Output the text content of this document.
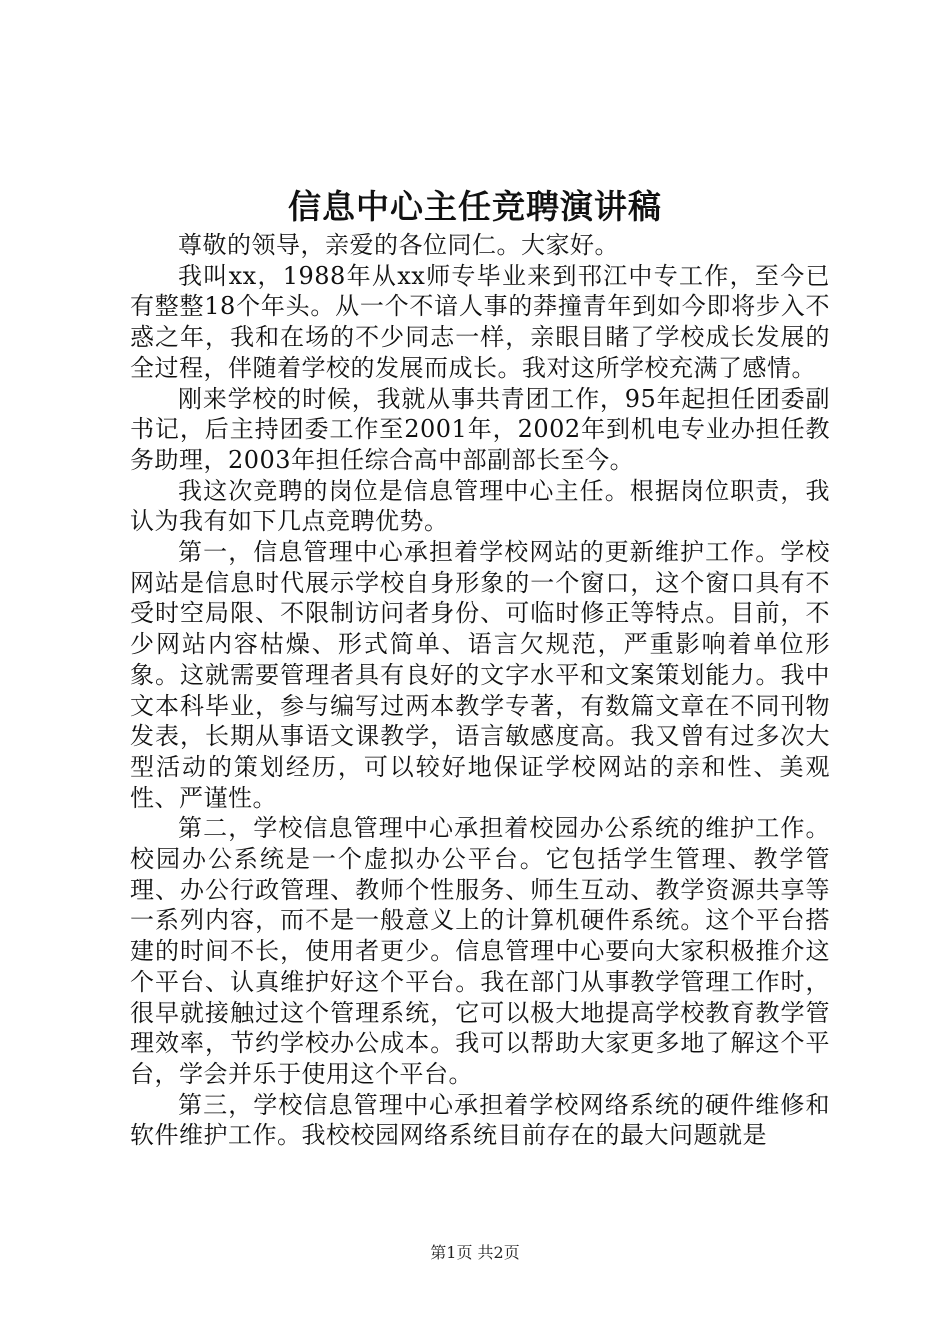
信息中心主任竞聘演讲稿

尊敬的领导，亲爱的各位同仁。大家好。

我叫xx，1988年从xx师专毕业来到邗江中专工作，至今已有整整18个年头。从一个不谙人事的莽撞青年到如今即将步入不惑之年，我和在场的不少同志一样，亲眼目睹了学校成长发展的全过程，伴随着学校的发展而成长。我对这所学校充满了感情。

刚来学校的时候，我就从事共青团工作，95年起担任团委副书记，后主持团委工作至2001年，2002年到机电专业办担任教务助理，2003年担任综合高中部副部长至今。

我这次竞聘的岗位是信息管理中心主任。根据岗位职责，我认为我有如下几点竞聘优势。

第一，信息管理中心承担着学校网站的更新维护工作。学校网站是信息时代展示学校自身形象的一个窗口，这个窗口具有不受时空局限、不限制访问者身份、可临时修正等特点。目前，不少网站内容枯燥、形式简单、语言欠规范，严重影响着单位形象。这就需要管理者具有良好的文字水平和文案策划能力。我中文本科毕业，参与编写过两本教学专著，有数篇文章在不同刊物发表，长期从事语文课教学，语言敏感度高。我又曾有过多次大型活动的策划经历，可以较好地保证学校网站的亲和性、美观性、严谨性。

第二，学校信息管理中心承担着校园办公系统的维护工作。校园办公系统是一个虚拟办公平台。它包括学生管理、教学管理、办公行政管理、教师个性服务、师生互动、教学资源共享等一系列内容，而不是一般意义上的计算机硬件系统。这个平台搭建的时间不长，使用者更少。信息管理中心要向大家积极推介这个平台、认真维护好这个平台。我在部门从事教学管理工作时，很早就接触过这个管理系统，它可以极大地提高学校教育教学管理效率，节约学校办公成本。我可以帮助大家更多地了解这个平台，学会并乐于使用这个平台。

第三，学校信息管理中心承担着学校网络系统的硬件维修和软件维护工作。我校校园网络系统目前存在的最大问题就是

第1页 共2页
